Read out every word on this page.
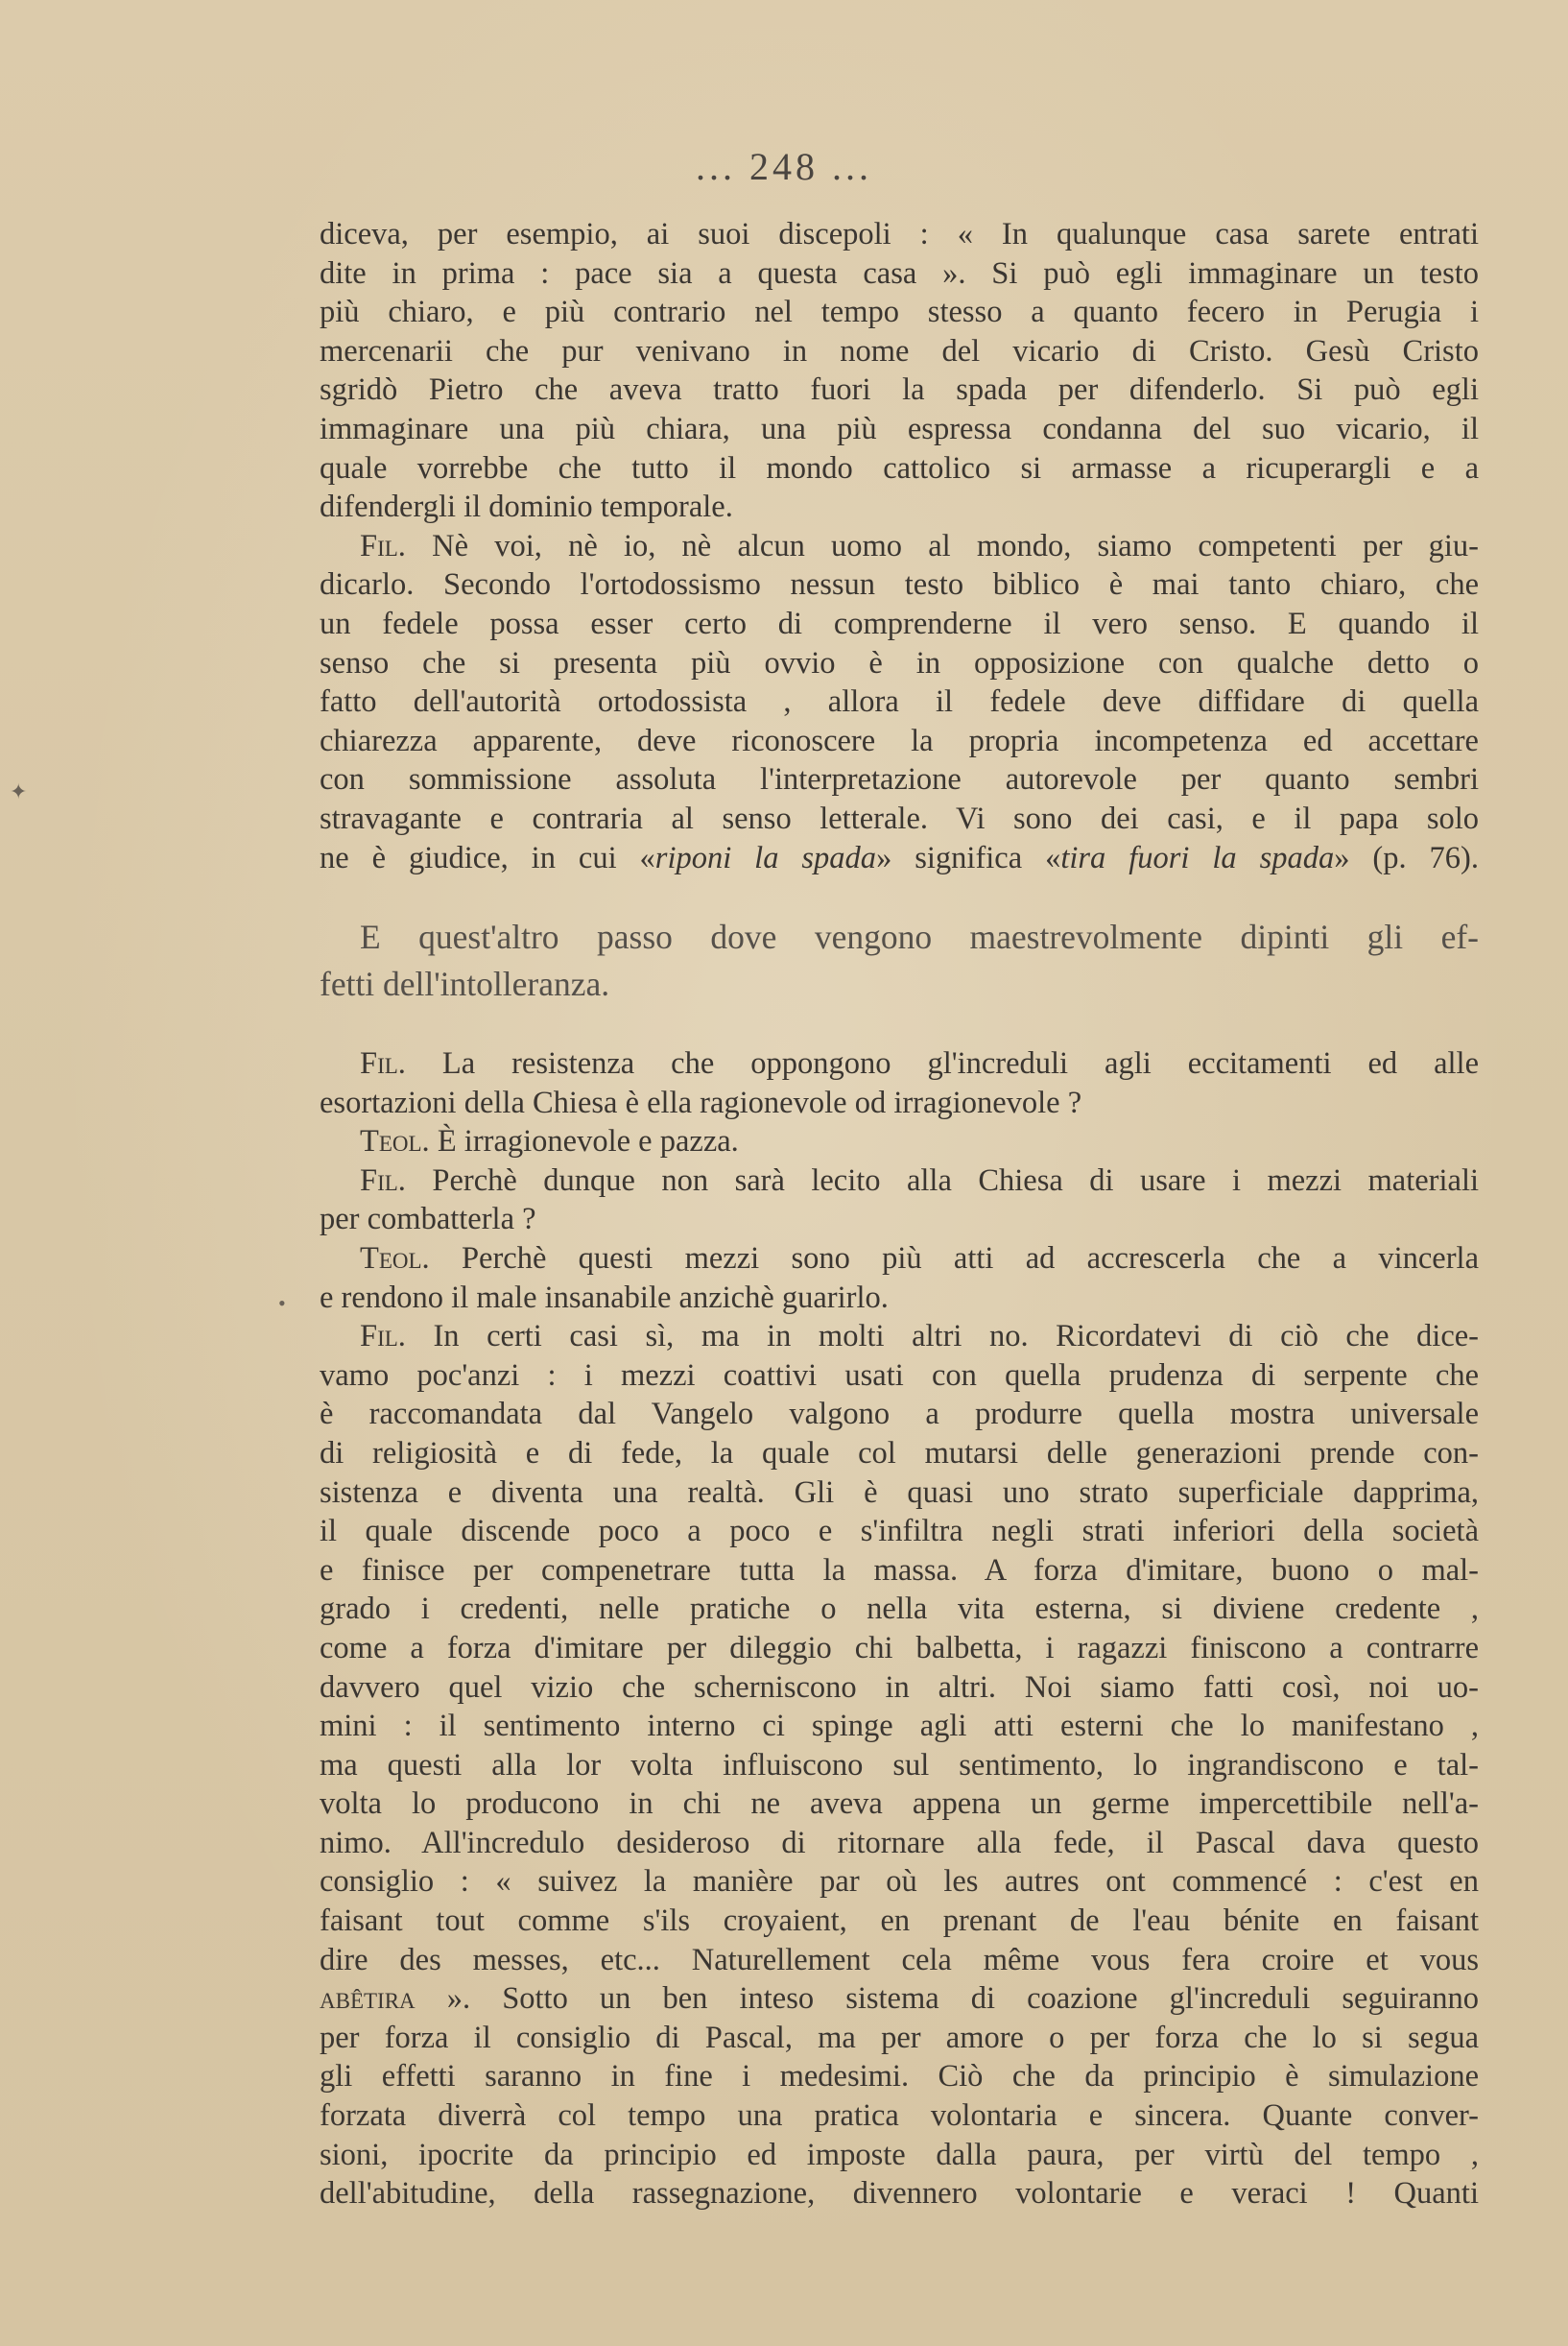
... 248 ...
diceva, per esempio, ai suoi discepoli : « In qualunque casa sarete entrati
dite in prima : pace sia a questa casa ». Si può egli immaginare un testo
più chiaro, e più contrario nel tempo stesso a quanto fecero in Perugia i
mercenarii che pur venivano in nome del vicario di Cristo. Gesù Cristo
sgridò Pietro che aveva tratto fuori la spada per difenderlo. Si può egli
immaginare una più chiara, una più espressa condanna del suo vicario, il
quale vorrebbe che tutto il mondo cattolico si armasse a ricuperargli e a
difendergli il dominio temporale.
Fil. Nè voi, nè io, nè alcun uomo al mondo, siamo competenti per giu-
dicarlo. Secondo l'ortodossismo nessun testo biblico è mai tanto chiaro, che
un fedele possa esser certo di comprenderne il vero senso. E quando il
senso che si presenta più ovvio è in opposizione con qualche detto o
fatto dell'autorità ortodossista , allora il fedele deve diffidare di quella
chiarezza apparente, deve riconoscere la propria incompetenza ed accettare
con sommissione assoluta l'interpretazione autorevole per quanto sembri
stravagante e contraria al senso letterale. Vi sono dei casi, e il papa solo
ne è giudice, in cui «riponi la spada» significa «tira fuori la spada» (p. 76).
E quest'altro passo dove vengono maestrevolmente dipinti gli ef-
fetti dell'intolleranza.
Fil. La resistenza che oppongono gl'increduli agli eccitamenti ed alle
esortazioni della Chiesa è ella ragionevole od irragionevole ?
Teol. È irragionevole e pazza.
Fil. Perchè dunque non sarà lecito alla Chiesa di usare i mezzi materiali
per combatterla ?
Teol. Perchè questi mezzi sono più atti ad accrescerla che a vincerla
e rendono il male insanabile anzichè guarirlo.
Fil. In certi casi sì, ma in molti altri no. Ricordatevi di ciò che dice-
vamo poc'anzi : i mezzi coattivi usati con quella prudenza di serpente che
è raccomandata dal Vangelo valgono a produrre quella mostra universale
di religiosità e di fede, la quale col mutarsi delle generazioni prende con-
sistenza e diventa una realtà. Gli è quasi uno strato superficiale dapprima,
il quale discende poco a poco e s'infiltra negli strati inferiori della società
e finisce per compenetrare tutta la massa. A forza d'imitare, buono o mal-
grado i credenti, nelle pratiche o nella vita esterna, si diviene credente ,
come a forza d'imitare per dileggio chi balbetta, i ragazzi finiscono a contrarre
davvero quel vizio che scherniscono in altri. Noi siamo fatti così, noi uo-
mini : il sentimento interno ci spinge agli atti esterni che lo manifestano ,
ma questi alla lor volta influiscono sul sentimento, lo ingrandiscono e tal-
volta lo producono in chi ne aveva appena un germe impercettibile nell'a-
nimo. All'incredulo desideroso di ritornare alla fede, il Pascal dava questo
consiglio : « suivez la manière par où les autres ont commencé : c'est en
faisant tout comme s'ils croyaient, en prenant de l'eau bénite en faisant
dire des messes, etc... Naturellement cela même vous fera croire et vous
abêtira ». Sotto un ben inteso sistema di coazione gl'increduli seguiranno
per forza il consiglio di Pascal, ma per amore o per forza che lo si segua
gli effetti saranno in fine i medesimi. Ciò che da principio è simulazione
forzata diverrà col tempo una pratica volontaria e sincera. Quante conver-
sioni, ipocrite da principio ed imposte dalla paura, per virtù del tempo ,
dell'abitudine, della rassegnazione, divennero volontarie e veraci ! Quanti
✦
•
